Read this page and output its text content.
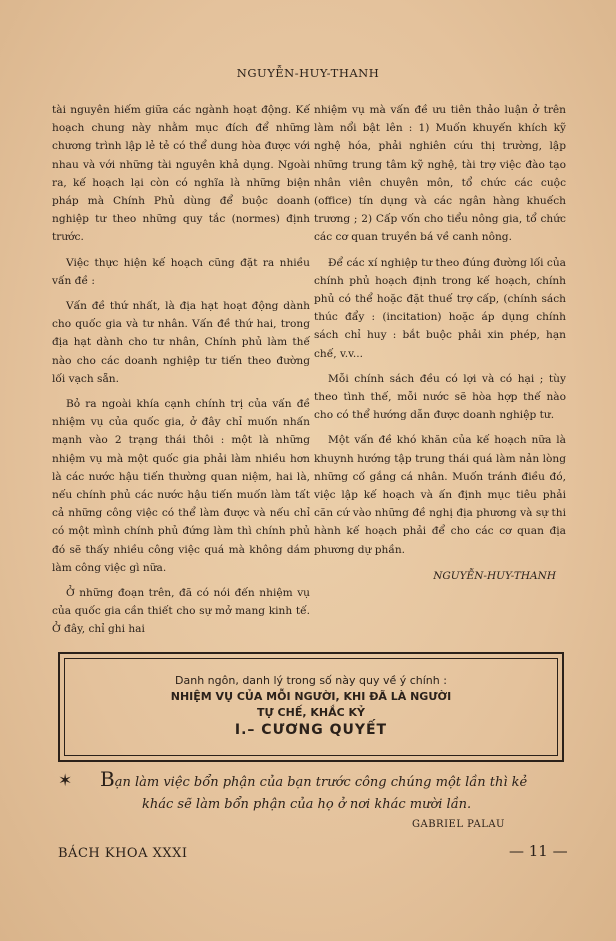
NGUYỄN-HUY-THANH

tài nguyên hiếm giữa các ngành hoạt động. Kế hoạch chung này nhằm mục đích để những chương trình lập lẻ tẻ có thể dung hòa được với nhau và với những tài nguyên khả dụng. Ngoài ra, kế hoạch lại còn có nghĩa là những biện pháp mà Chính Phủ dùng để buộc doanh nghiệp tư theo những quy tắc (normes) định trước.

Việc thực hiện kế hoạch cũng đặt ra nhiều vấn đề :

Vấn đề thứ nhất, là địa hạt hoạt động dành cho quốc gia và tư nhân. Vấn đề thứ hai, trong địa hạt dành cho tư nhân, Chính phủ làm thế nào cho các doanh nghiệp tư tiến theo đường lối vạch sẵn.

Bỏ ra ngoài khía cạnh chính trị của vấn đề nhiệm vụ của quốc gia, ở đây chỉ muốn nhấn mạnh vào 2 trạng thái thôi : một là những nhiệm vụ mà một quốc gia phải làm nhiều hơn là các nước hậu tiến thường quan niệm, hai là, nếu chính phủ các nước hậu tiến muốn làm tất cả những công việc có thể làm được và nếu chỉ có một mình chính phủ đứng làm thì chính phủ đó sẽ thấy nhiều công việc quá mà không dám làm công việc gì nữa.

Ở những đoạn trên, đã có nói đến nhiệm vụ của quốc gia cần thiết cho sự mở mang kinh tế. Ở đây, chỉ ghi hai

nhiệm vụ mà vấn đề ưu tiên thảo luận ở trên làm nổi bật lên : 1) Muốn khuyến khích kỹ nghệ hóa, phải nghiên cứu thị trường, lập những trung tâm kỹ nghệ, tài trợ việc đào tạo nhân viên chuyên môn, tổ chức các cuộc (office) tín dụng và các ngân hàng khuếch trương ; 2) Cấp vốn cho tiểu nông gia, tổ chức các cơ quan truyền bá về canh nông.

Để các xí nghiệp tư theo đúng đường lối của chính phủ hoạch định trong kế hoạch, chính phủ có thể hoặc đặt thuế trợ cấp, (chính sách thúc đẩy : (incitation) hoặc áp dụng chính sách chỉ huy : bắt buộc phải xin phép, hạn chế, v.v...

Mỗi chính sách đều có lợi và có hại ; tùy theo tình thế, mỗi nước sẽ hòa hợp thế nào cho có thể hướng dẫn được doanh nghiệp tư.

Một vấn đề khó khăn của kế hoạch nữa là khuynh hướng tập trung thái quá làm nản lòng những cố gắng cá nhân. Muốn tránh điều đó, việc lập kế hoạch và ấn định mục tiêu phải căn cứ vào những đề nghị địa phương và sự thi hành kế hoạch phải để cho các cơ quan địa phương dự phần.

NGUYỄN-HUY-THANH
Danh ngôn, danh lý trong số này quy về ý chính :
NHIỆM VỤ CỦA MỖI NGƯỜI, KHI ĐÃ LÀ NGƯỜI
TỰ CHẾ, KHẮC KỶ
I.– CƯƠNG QUYẾT
✶ Bạn làm việc bổn phận của bạn trước công chúng một lần thì kẻ
khác sẽ làm bổn phận của họ ở nơi khác mười lần.
GABRIEL PALAU
BÁCH KHOA XXXI	— 11 —
